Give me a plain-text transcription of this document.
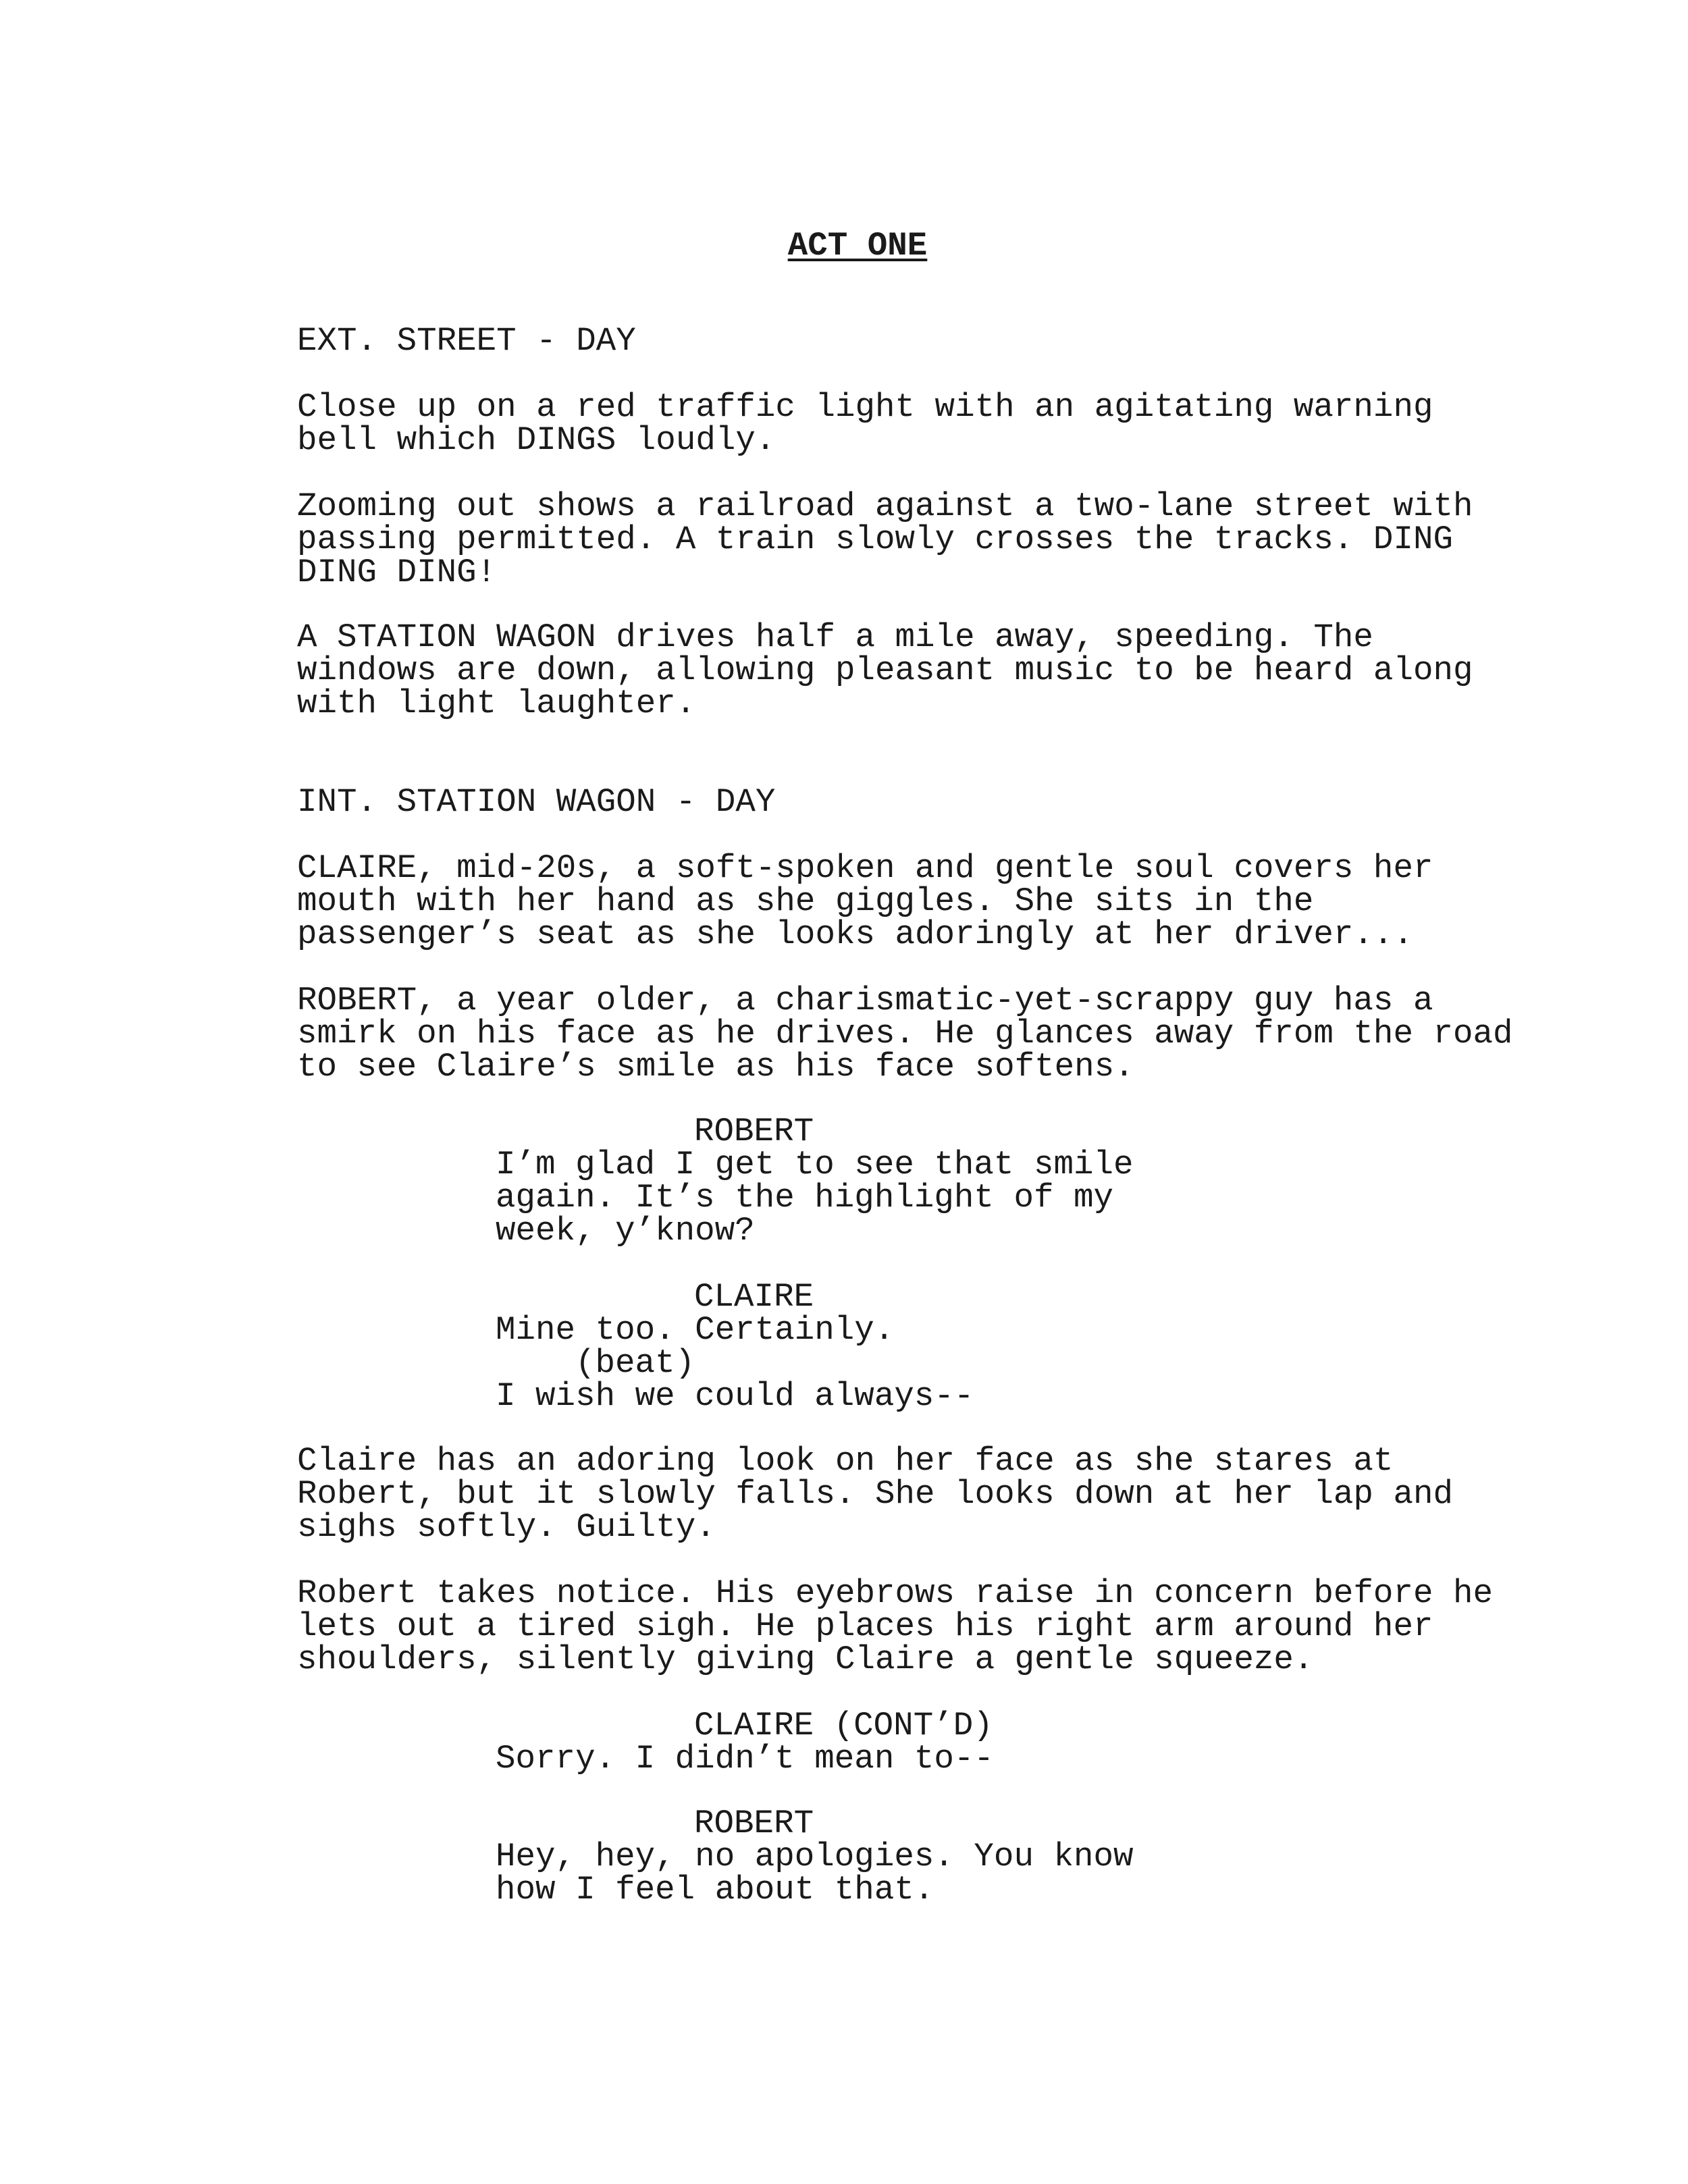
ACT ONE

EXT. STREET - DAY

Close up on a red traffic light with an agitating warning
bell which DINGS loudly.

Zooming out shows a railroad against a two-lane street with
passing permitted. A train slowly crosses the tracks. DING
DING DING!

A STATION WAGON drives half a mile away, speeding. The
windows are down, allowing pleasant music to be heard along
with light laughter.

INT. STATION WAGON - DAY

CLAIRE, mid-20s, a soft-spoken and gentle soul covers her
mouth with her hand as she giggles. She sits in the
passenger’s seat as she looks adoringly at her driver...

ROBERT, a year older, a charismatic-yet-scrappy guy has a
smirk on his face as he drives. He glances away from the road
to see Claire’s smile as his face softens.

ROBERT

I’m glad I get to see that smile
again. It’s the highlight of my
week, y’know?

CLAIRE

Mine too. Certainly.

(beat)

I wish we could always--

Claire has an adoring look on her face as she stares at
Robert, but it slowly falls. She looks down at her lap and
sighs softly. Guilty.

Robert takes notice. His eyebrows raise in concern before he
lets out a tired sigh. He places his right arm around her
shoulders, silently giving Claire a gentle squeeze.

CLAIRE (CONT’D)

Sorry. I didn’t mean to--

ROBERT

Hey, hey, no apologies. You know
how I feel about that.
